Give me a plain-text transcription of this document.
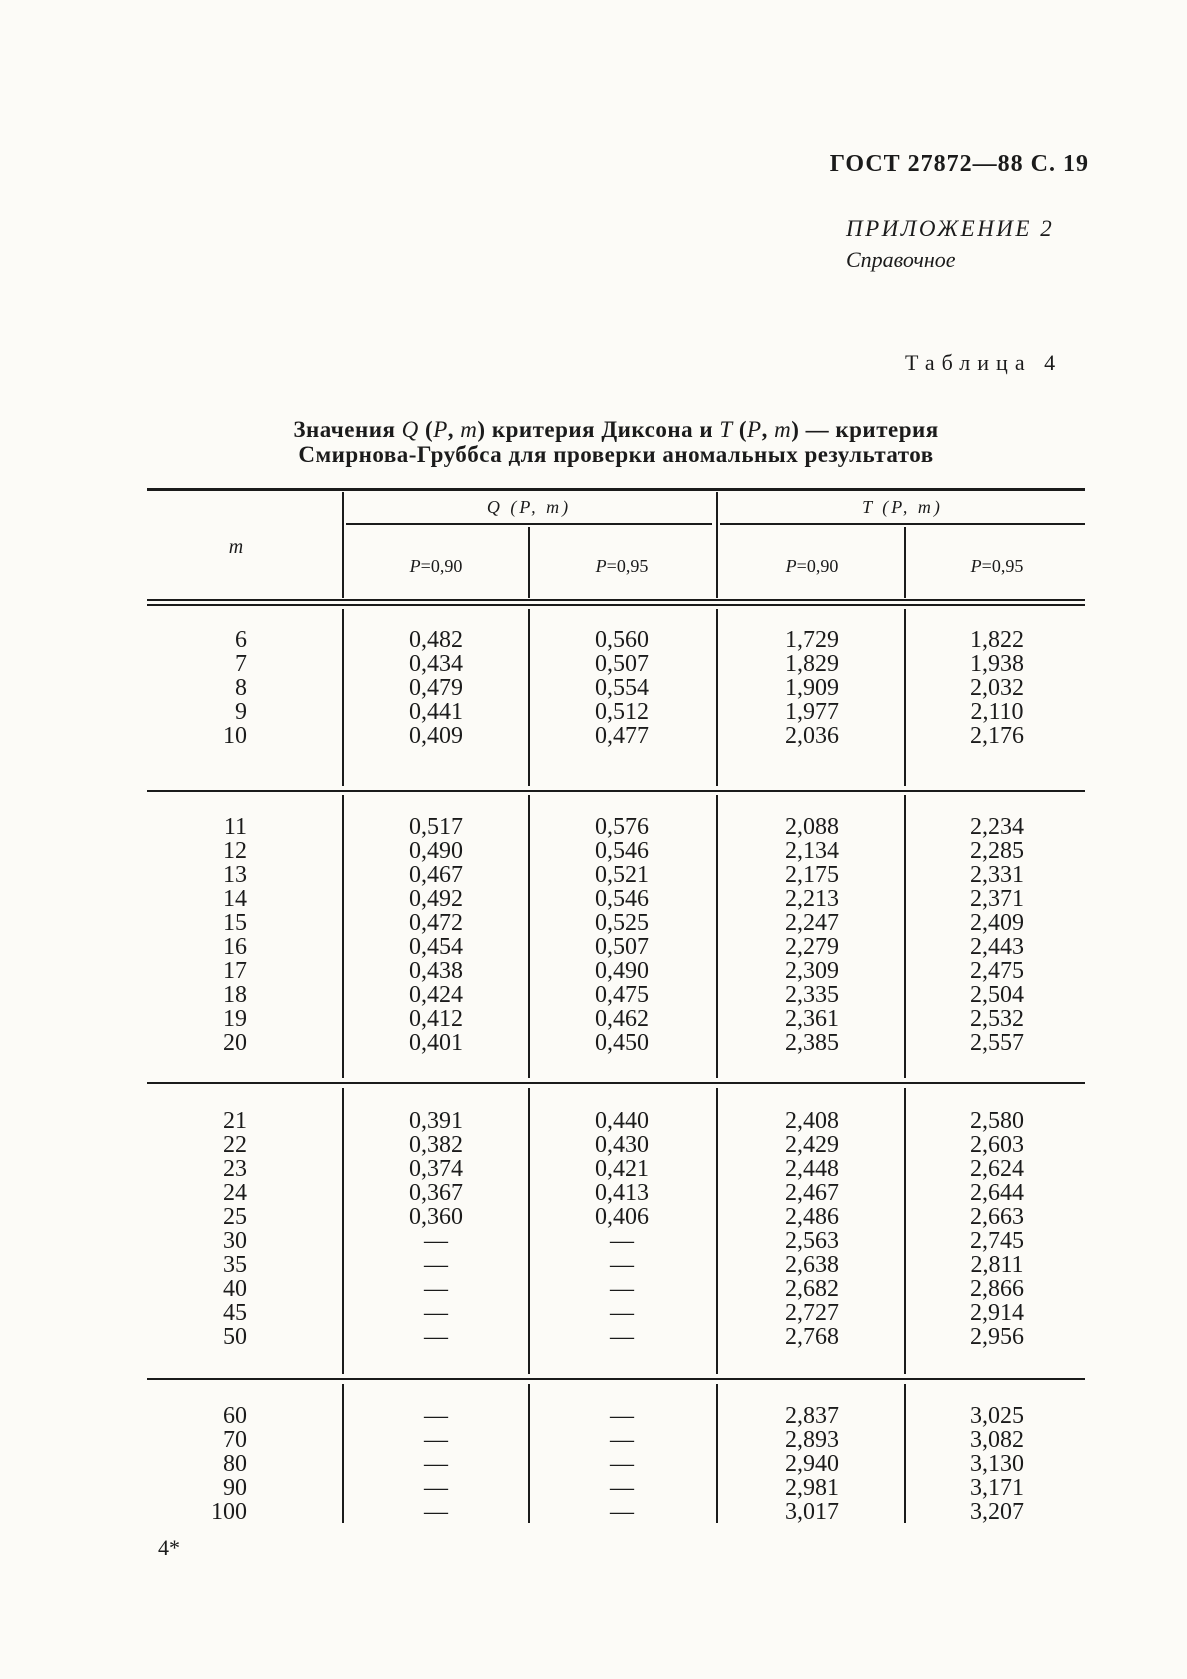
ГОСТ 27872—88 С. 19
ПРИЛОЖЕНИЕ 2
Справочное
Таблица 4
Значения Q (P, m) критерия Диксона и T (P, m) — критерия
Смирнова-Груббса для проверки аномальных результатов
Q (P, m)	T (P, m)
m
P=0,90	P=0,95	P=0,90	P=0,95
6	0,482	0,560	1,729	1,822
7	0,434	0,507	1,829	1,938
8	0,479	0,554	1,909	2,032
9	0,441	0,512	1,977	2,110
10	0,409	0,477	2,036	2,176
11	0,517	0,576	2,088	2,234
12	0,490	0,546	2,134	2,285
13	0,467	0,521	2,175	2,331
14	0,492	0,546	2,213	2,371
15	0,472	0,525	2,247	2,409
16	0,454	0,507	2,279	2,443
17	0,438	0,490	2,309	2,475
18	0,424	0,475	2,335	2,504
19	0,412	0,462	2,361	2,532
20	0,401	0,450	2,385	2,557
21	0,391	0,440	2,408	2,580
22	0,382	0,430	2,429	2,603
23	0,374	0,421	2,448	2,624
24	0,367	0,413	2,467	2,644
25	0,360	0,406	2,486	2,663
30	—	—	2,563	2,745
35	—	—	2,638	2,811
40	—	—	2,682	2,866
45	—	—	2,727	2,914
50	—	—	2,768	2,956
60	—	—	2,837	3,025
70	—	—	2,893	3,082
80	—	—	2,940	3,130
90	—	—	2,981	3,171
100	—	—	3,017	3,207
4*
